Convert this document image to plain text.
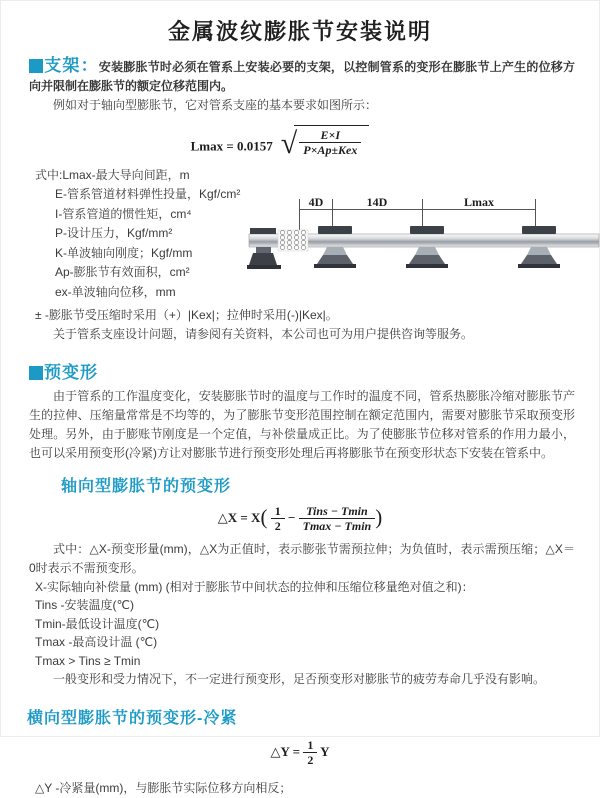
金属波纹膨胀节安装说明

支架：安装膨胀节时必须在管系上安装必要的支架，以控制管系的变形在膨胀节上产生的位移方向并限制在膨胀节的额定位移范围内。

例如对于轴向型膨胀节，它对管系支座的基本要求如图所示：

Lmax = 0.0157 √ $\frac{E\times I}{\text{P×Ap±Kex}}$
式中:Lmax-最大导向间距，m
E-管系管道材料弹性投量，Kgf/cm²
I-管系管道的惯性矩，cm⁴
P-设计压力，Kgf/mm²
K-单波轴向刚度；Kgf/mm
Ap-膨胀节有效面积，cm²
ex-单波轴向位移，mm
4D	14D	Lmax

± -膨胀节受压缩时采用（+）|Kex|；拉伸时采用(-)|Kex|。

关于管系支座设计问题，请参阅有关资料，本公司也可为用户提供咨询等服务。

预变形

由于管系的工作温度变化，安装膨胀节时的温度与工作时的温度不同，管系热膨胀冷缩对膨胀节产生的拉伸、压缩量常常是不均等的，为了膨胀节变形范围控制在额定范围内，需要对膨胀节采取预变形处理。另外，由于膨账节刚度是一个定值，与补偿量成正比。为了使膨胀节位移对管系的作用力最小，也可以采用预变形(冷紧)方让对膨胀节进行预变形处理后再将膨胀节在预变形状态下安装在管系中。

轴向型膨胀节的预变形
△X = $X( \frac{1}{2} - \frac{\text{Tins − Tmin}}{Tmax - Tmin}$ )

式中：△X-预变形量(mm)，△X为正值时，表示膨张节需预拉伸；为负值时，表示需预压缩；△X＝0时表示不需预变形。

X-实际轴向补偿量 (mm) (相对于膨胀节中间状态的拉伸和压缩位移量绝对值之和)：

Tins -安装温度(℃)

Tmin-最低设计温度(℃)

Tmax -最高设计温 (℃)

Tmax > Tins ≥ Tmin

一般变形和受力情况下，不一定进行预变形，足否预变形对膨胀节的疲劳寿命几乎没有影响。

横向型膨胀节的预变形-冷紧
△Y = $\frac{1}{2}$ Y

△Y -冷紧量(mm)，与膨胀节实际位移方向相反；
